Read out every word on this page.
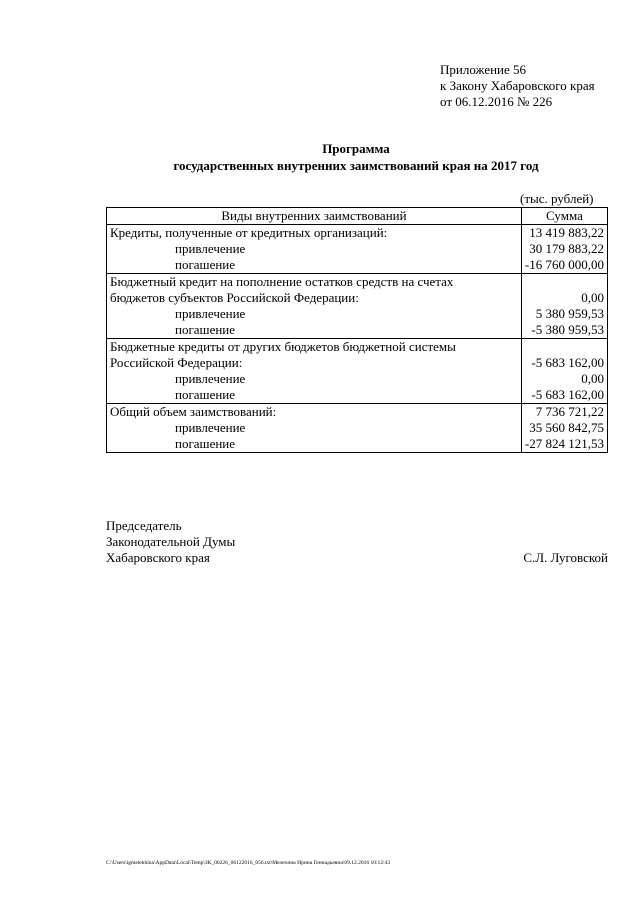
Приложение 56
к Закону Хабаровского края
от 06.12.2016 № 226
Программа
государственных внутренних заимствований края на 2017 год
(тыс. рублей)
Виды внутренних заимствований	Сумма
Кредиты, полученные от кредитных организаций:	13 419 883,22
привлечение	30 179 883,22
погашение	-16 760 000,00
Бюджетный кредит на пополнение остатков средств на счетах	
бюджетов субъектов Российской Федерации:	0,00
привлечение	5 380 959,53
погашение	-5 380 959,53
Бюджетные кредиты от других бюджетов бюджетной системы	
Российской Федерации:	-5 683 162,00
привлечение	0,00
погашение	-5 683 162,00
Общий объем заимствований:	7 736 721,22
привлечение	35 560 842,75
погашение	-27 824 121,53
Председатель
Законодательной Думы
Хабаровского края	С.Л. Луговской
C:\Users\igmelekhina\AppData\Local\Temp\ЗК_00226_06122016_056.txt\Мелехина Ирина Геннадьевна\09.12.2016 10:12:43
